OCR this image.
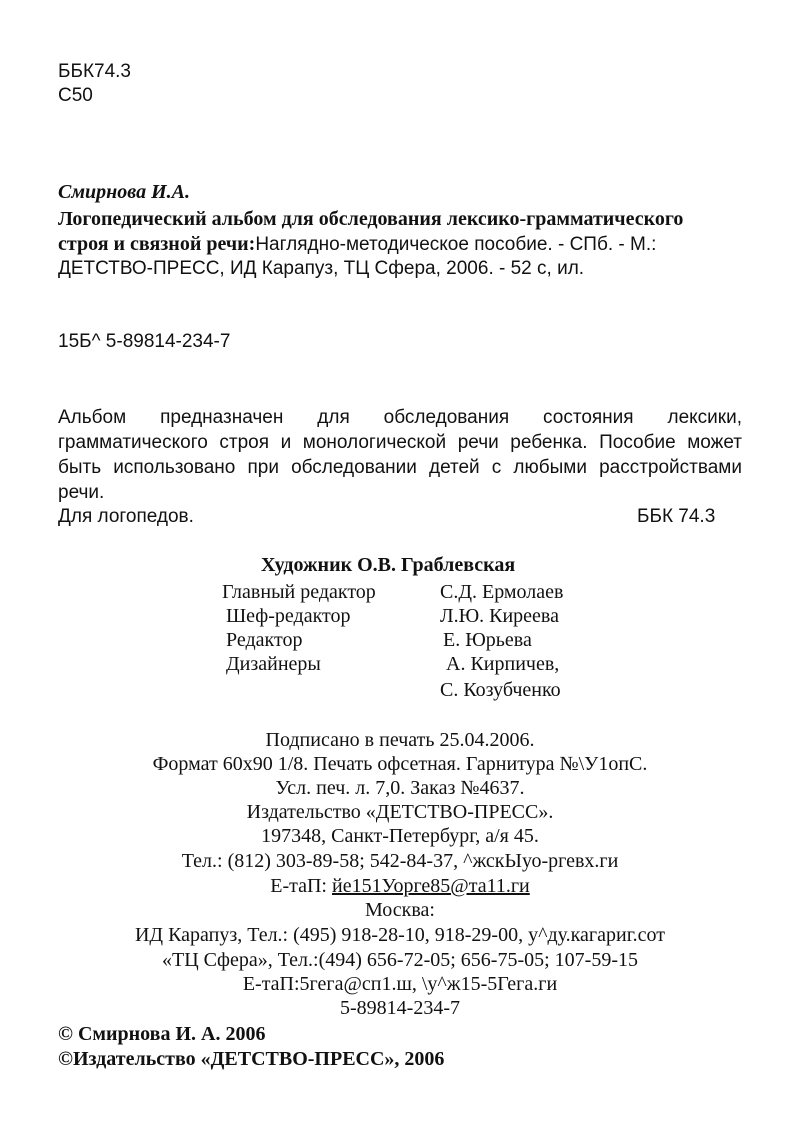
ББК74.3
С50
Смирнова И.А.
Логопедический альбом для обследования лексико-грамматического
строя и связной речи:Наглядно-методическое пособие. - СПб. - М.:
ДЕТСТВО-ПРЕСС, ИД Карапуз, ТЦ Сфера, 2006. - 52 с, ил.
15Б^ 5-89814-234-7
Альбом предназначен для обследования состояния лексики, грамматического строя и монологической речи ребенка. Пособие может быть использовано при обследовании детей с любыми расстройствами речи.
Для логопедов.	ББК 74.3
Художник О.В. Граблевская
Главный редактор	С.Д. Ермолаев
Шеф-редактор	Л.Ю. Киреева
Редактор	Е. Юрьева
Дизайнеры	А. Кирпичев,
С. Козубченко
Подписано в печать 25.04.2006.
Формат 60x90 1/8. Печать офсетная. Гарнитура №\У1опС.
Усл. печ. л. 7,0. Заказ №4637.
Издательство «ДЕТСТВО-ПРЕСС».
197348, Санкт-Петербург, а/я 45.
Тел.: (812) 303-89-58; 542-84-37, ^жскЫуо-ргевх.ги
Е-таП: йе151Уорге85@та11.ги
Москва:
ИД Карапуз, Тел.: (495) 918-28-10, 918-29-00, у^ду.кагариг.сот
«ТЦ Сфера», Тел.:(494) 656-72-05; 656-75-05; 107-59-15
Е-таП:5гега@сп1.ш, \у^ж15-5Гега.ги
5-89814-234-7
© Смирнова И. А. 2006
©Издательство «ДЕТСТВО-ПРЕСС», 2006
